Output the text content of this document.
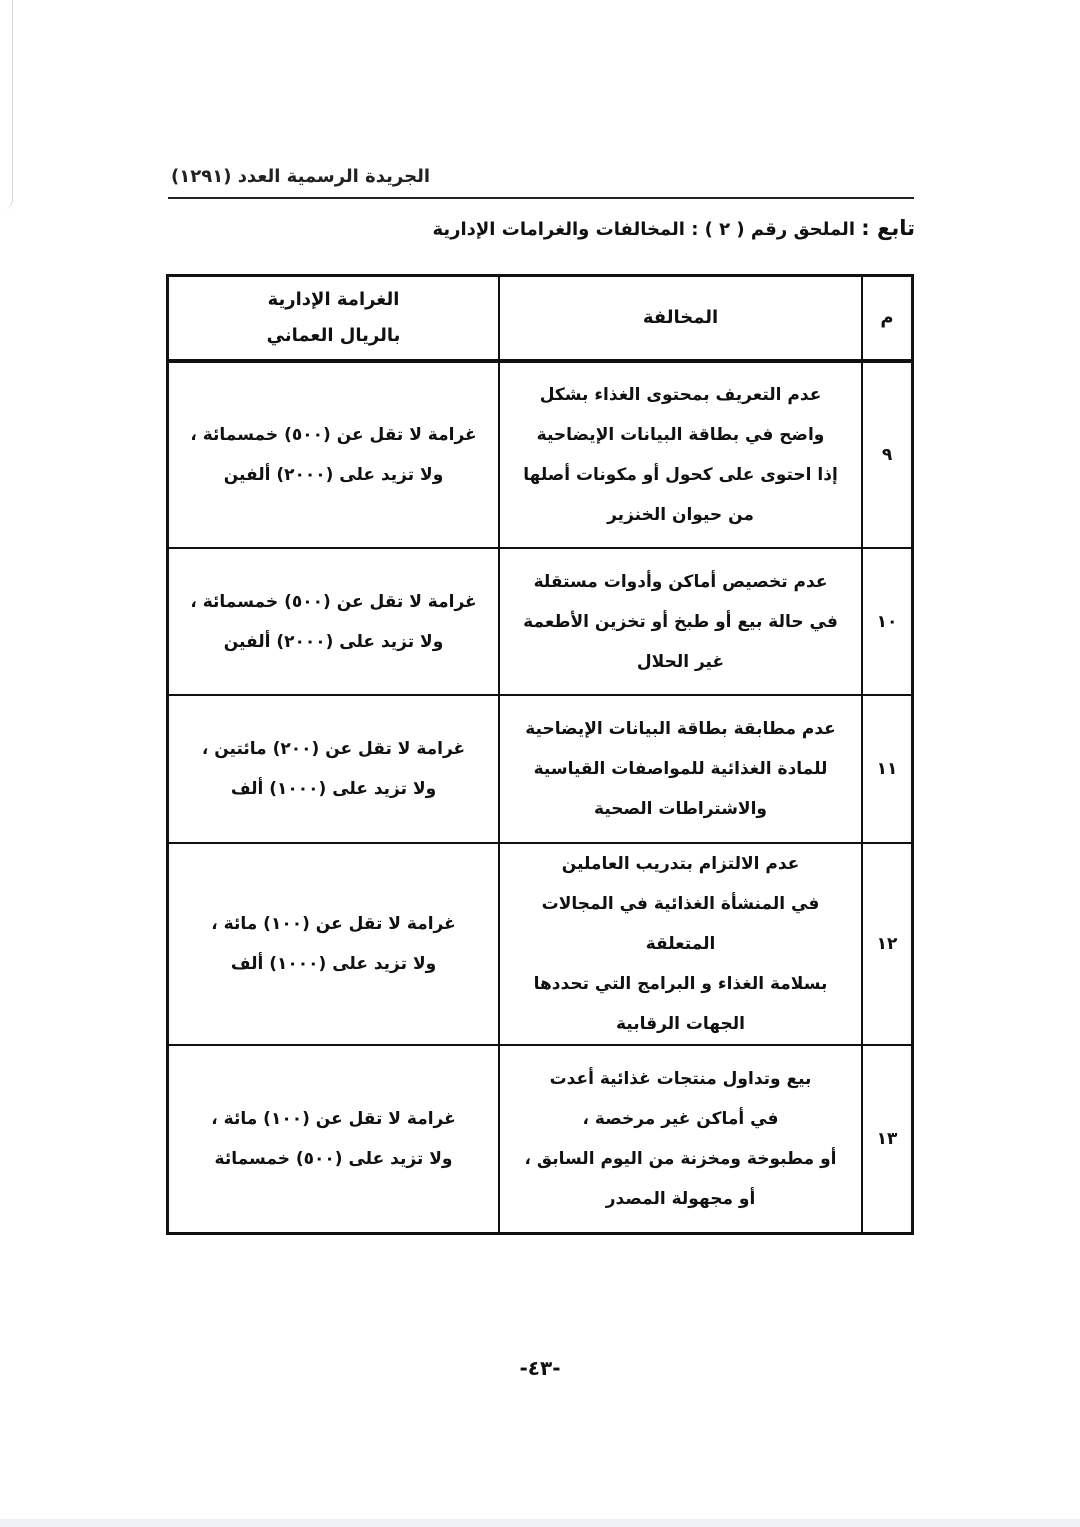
الجريدة الرسمية العدد (١٢٩١)
تابع : الملحق رقم ( ٢ ) : المخالفات والغرامات الإدارية
م	المخالفة	الغرامة الإدارية
بالريال العماني

٩	عدم التعريف بمحتوى الغذاء بشكل
واضح في بطاقة البيانات الإيضاحية
إذا احتوى على كحول أو مكونات أصلها
من حيوان الخنزير	غرامة لا تقل عن (٥٠٠) خمسمائة ،
ولا تزيد على (٢٠٠٠) ألفين

١٠	عدم تخصيص أماكن وأدوات مستقلة
في حالة بيع أو طبخ أو تخزين الأطعمة
غير الحلال	غرامة لا تقل عن (٥٠٠) خمسمائة ،
ولا تزيد على (٢٠٠٠) ألفين

١١	عدم مطابقة بطاقة البيانات الإيضاحية
للمادة الغذائية للمواصفات القياسية
والاشتراطات الصحية	غرامة لا تقل عن (٢٠٠) مائتين ،
ولا تزيد على (١٠٠٠) ألف

١٢	عدم الالتزام بتدريب العاملين
في المنشأة الغذائية في المجالات المتعلقة
بسلامة الغذاء و البرامج التي تحددها
الجهات الرقابية	غرامة لا تقل عن (١٠٠) مائة ،
ولا تزيد على (١٠٠٠) ألف

١٣	بيع وتداول منتجات غذائية أعدت
في أماكن غير مرخصة ،
أو مطبوخة ومخزنة من اليوم السابق ،
أو مجهولة المصدر	غرامة لا تقل عن (١٠٠) مائة ،
ولا تزيد على (٥٠٠) خمسمائة
-٤٣-
